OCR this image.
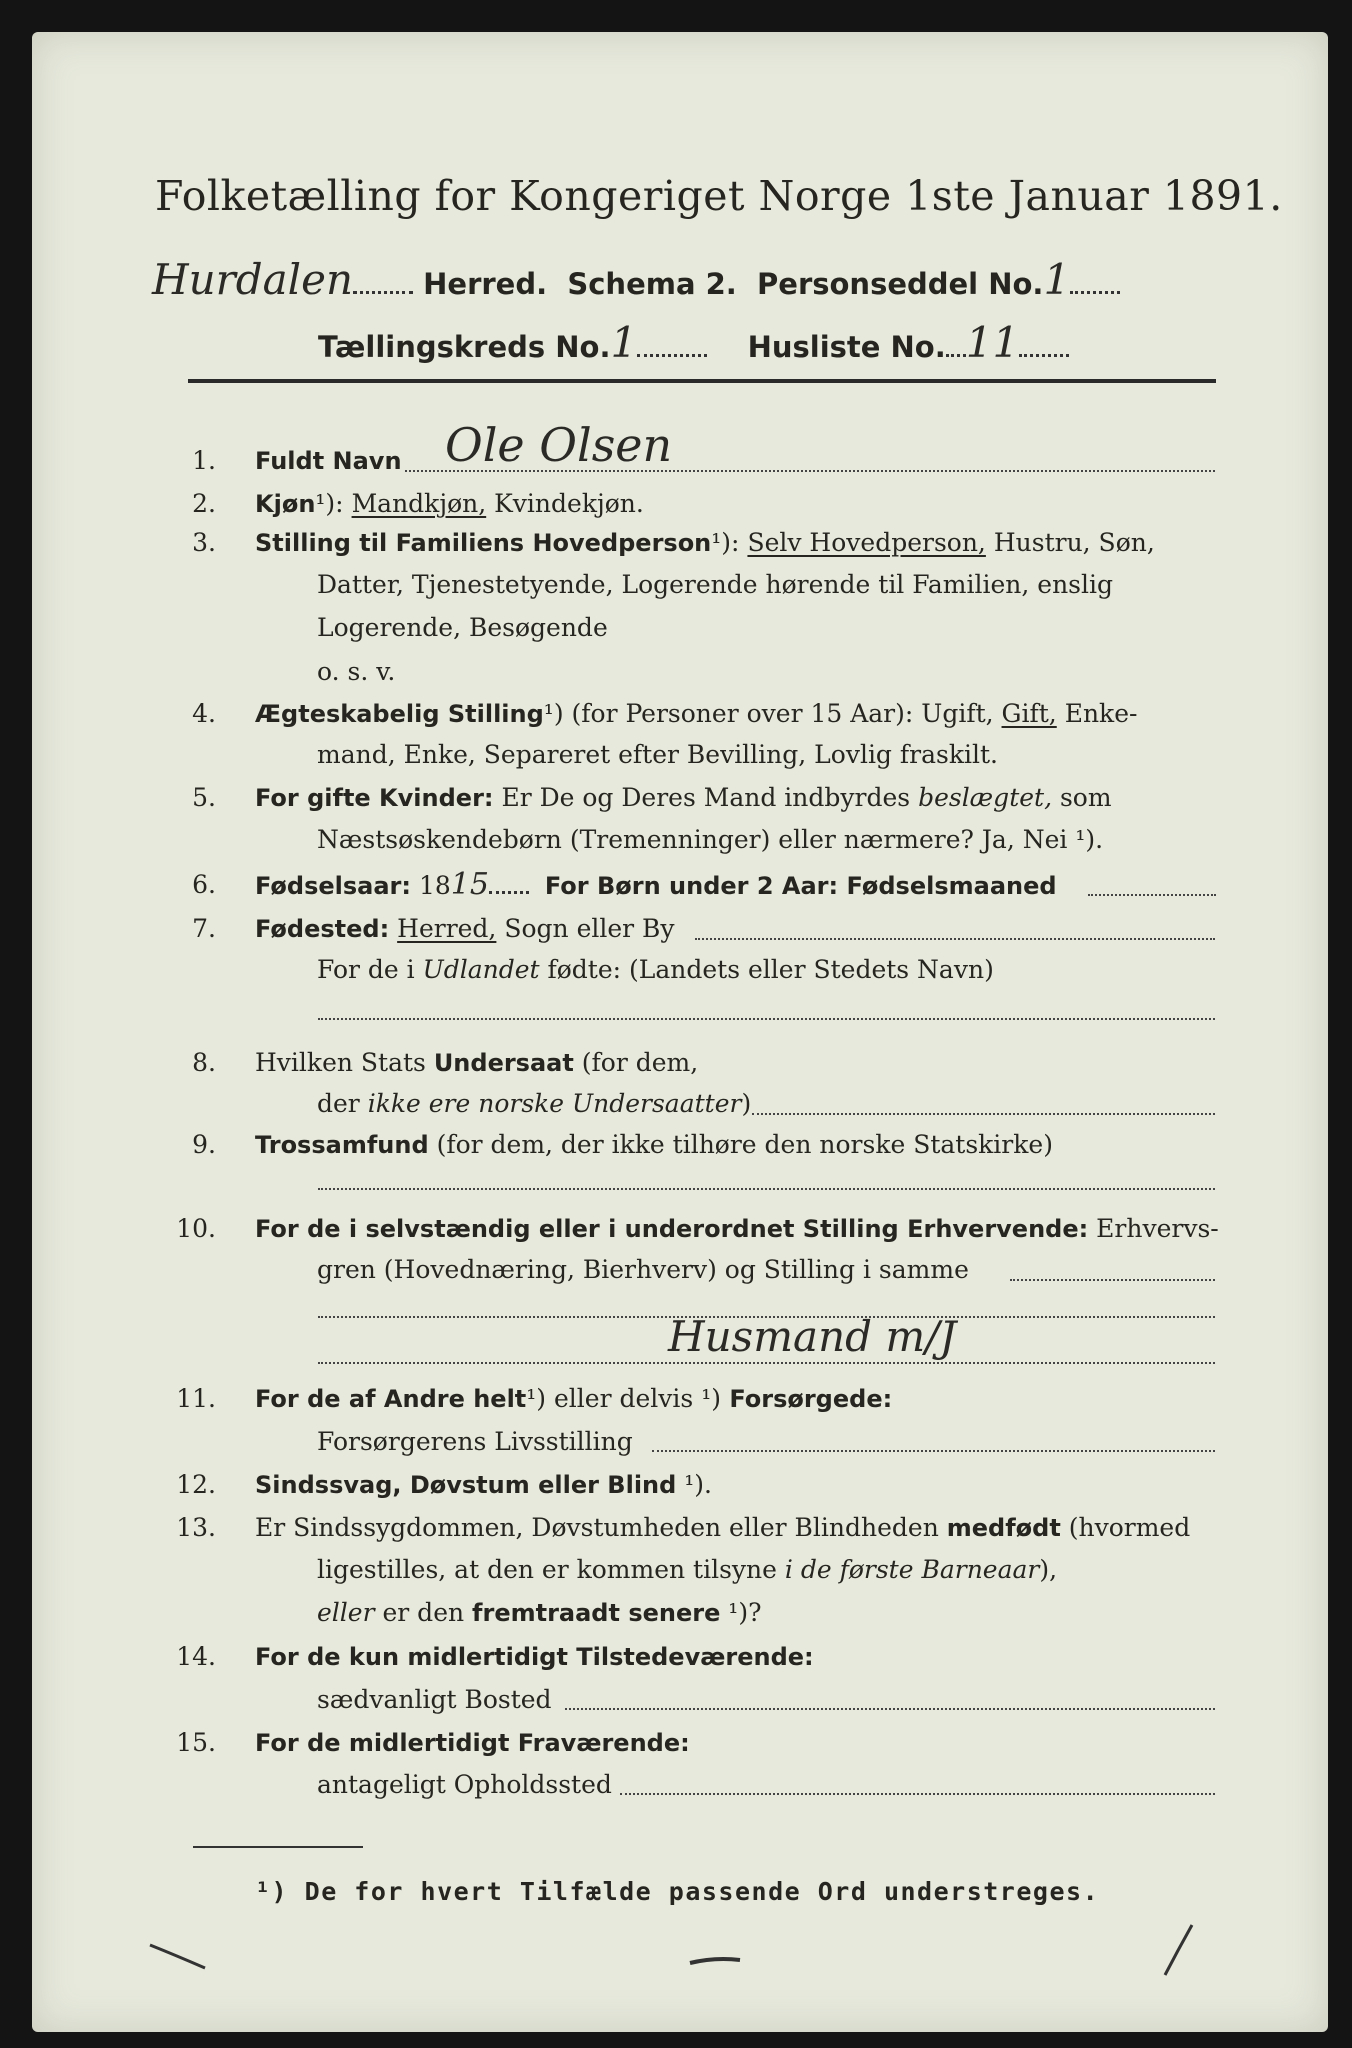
Folketælling for Kongeriget Norge 1ste Januar 1891.
Hurdalen Herred. Schema 2. Personseddel No.1
Tællingskreds No.1	Husliste No. 11
1. Fuldt Navn Ole Olsen
2. Kjøn¹): Mandkjøn, Kvindekjøn.
3. Stilling til Familiens Hovedperson¹): Selv Hovedperson, Hustru, Søn,
Datter, Tjenestetyende, Logerende hørende til Familien, enslig
Logerende, Besøgende
o. s. v.
4. Ægteskabelig Stilling¹) (for Personer over 15 Aar): Ugift, Gift, Enke-
mand, Enke, Separeret efter Bevilling, Lovlig fraskilt.
5. For gifte Kvinder: Er De og Deres Mand indbyrdes beslægtet, som
Næstsøskendebørn (Tremenninger) eller nærmere? Ja, Nei ¹).
6. Fødselsaar: 1815 For Børn under 2 Aar: Fødselsmaaned
7. Fødested: Herred, Sogn eller By
For de i Udlandet fødte: (Landets eller Stedets Navn)
8. Hvilken Stats Undersaat (for dem,
der ikke ere norske Undersaatter)
9. Trossamfund (for dem, der ikke tilhøre den norske Statskirke)
10. For de i selvstændig eller i underordnet Stilling Erhvervende: Erhvervs-
gren (Hovednæring, Bierhverv) og Stilling i samme
Husmand m/J
11. For de af Andre helt¹) eller delvis ¹) Forsørgede:
Forsørgerens Livsstilling
12. Sindssvag, Døvstum eller Blind ¹).
13. Er Sindssygdommen, Døvstumheden eller Blindheden medfødt (hvormed
ligestilles, at den er kommen tilsyne i de første Barneaar),
eller er den fremtraadt senere ¹)?
14. For de kun midlertidigt Tilstedeværende:
sædvanligt Bosted
15. For de midlertidigt Fraværende:
antageligt Opholdssted
¹) De for hvert Tilfælde passende Ord understreges.
